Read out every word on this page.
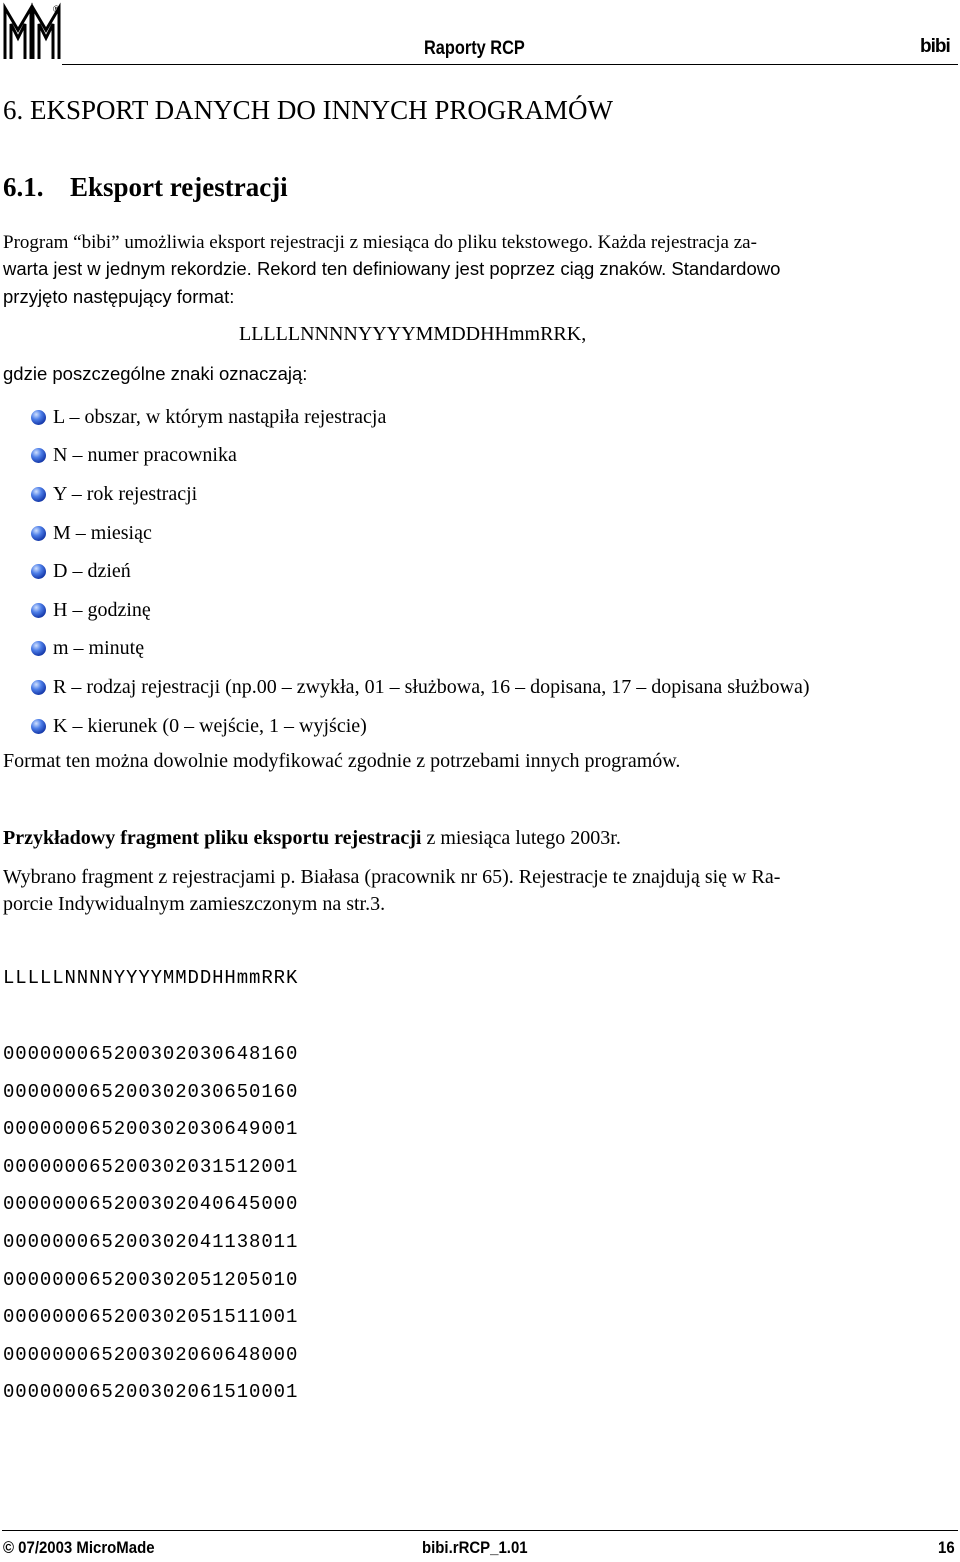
®
Raporty RCP	bibi
6. EKSPORT DANYCH DO INNYCH PROGRAMÓW
6.1. Eksport rejestracji
Program “bibi” umożliwia eksport rejestracji z miesiąca do pliku tekstowego. Każda rejestracja za-
warta jest w jednym rekordzie. Rekord ten definiowany jest poprzez ciąg znaków. Standardowo
przyjęto następujący format:
LLLLLNNNNYYYYMMDDHHmmRRK,
gdzie poszczególne znaki oznaczają:
L – obszar, w którym nastąpiła rejestracja
N – numer pracownika
Y – rok rejestracji
M – miesiąc
D – dzień
H – godzinę
m – minutę
R – rodzaj rejestracji (np.00 – zwykła, 01 – służbowa, 16 – dopisana, 17 – dopisana służbowa)
K – kierunek (0 – wejście, 1 – wyjście)
Format ten można dowolnie modyfikować zgodnie z potrzebami innych programów.
Przykładowy fragment pliku eksportu rejestracji z miesiąca lutego 2003r.
Wybrano fragment z rejestracjami p. Białasa (pracownik nr 65). Rejestracje te znajdują się w Ra-
porcie Indywidualnym zamieszczonym na str.3.
LLLLLNNNNYYYYMMDDHHmmRRK
000000065200302030648160
000000065200302030650160
000000065200302030649001
000000065200302031512001
000000065200302040645000
000000065200302041138011
000000065200302051205010
000000065200302051511001
000000065200302060648000
000000065200302061510001
© 07/2003 MicroMade	bibi.rRCP_1.01	16
